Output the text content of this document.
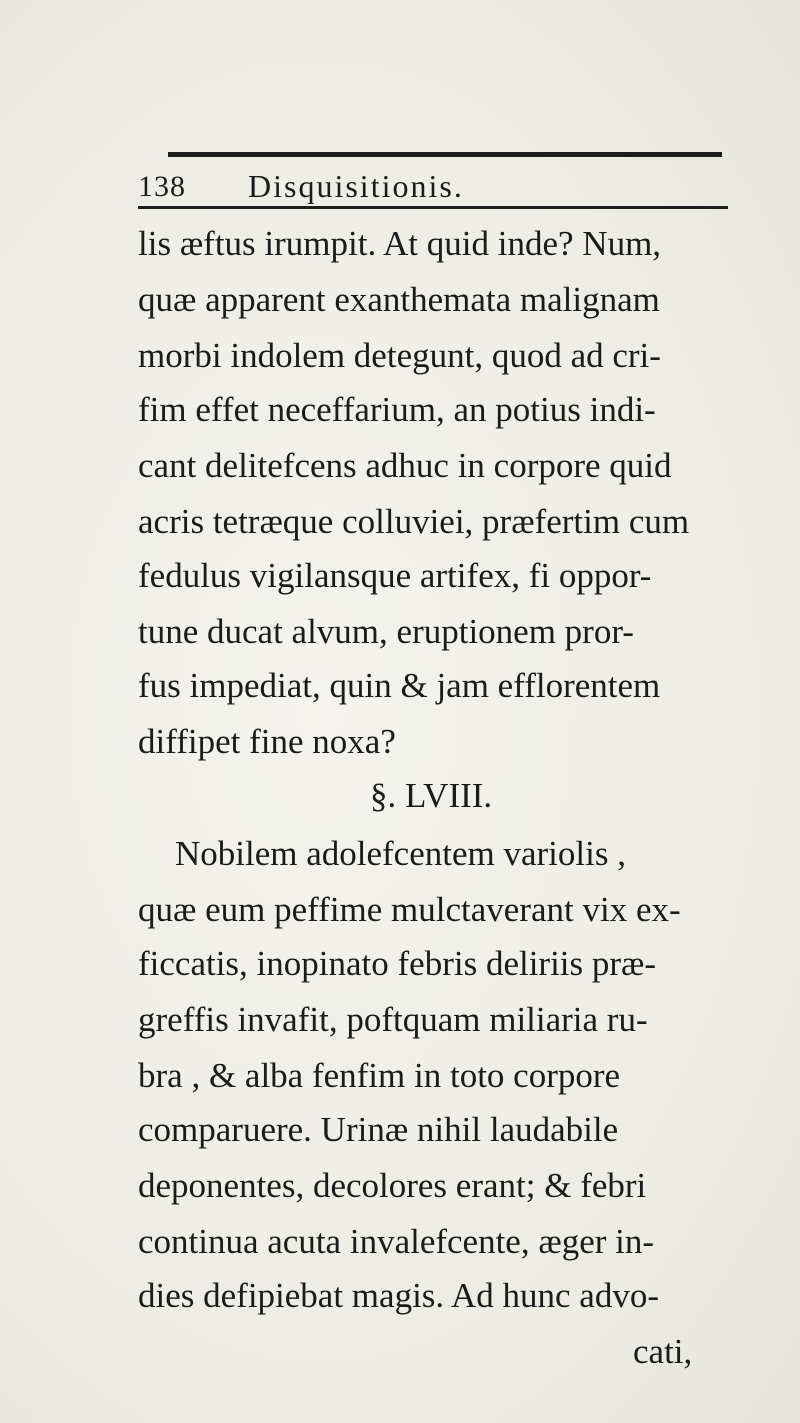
138 Disquisitionis.
lis æftus irumpit. At quid inde? Num,
quæ apparent exanthemata malignam
morbi indolem detegunt, quod ad cri-
fim effet neceffarium, an potius indi-
cant delitefcens adhuc in corpore quid
acris tetræque colluviei, præfertim cum
fedulus vigilansque artifex, fi oppor-
tune ducat alvum, eruptionem pror-
fus impediat, quin & jam efflorentem
diffipet fine noxa?
§. LVIII.
Nobilem adolefcentem variolis ,
quæ eum peffime mulctaverant vix ex-
ficcatis, inopinato febris deliriis præ-
greffis invafit, poftquam miliaria ru-
bra , & alba fenfim in toto corpore
comparuere. Urinæ nihil laudabile
deponentes, decolores erant; & febri
continua acuta invalefcente, æger in-
dies defipiebat magis. Ad hunc advo-
cati,
